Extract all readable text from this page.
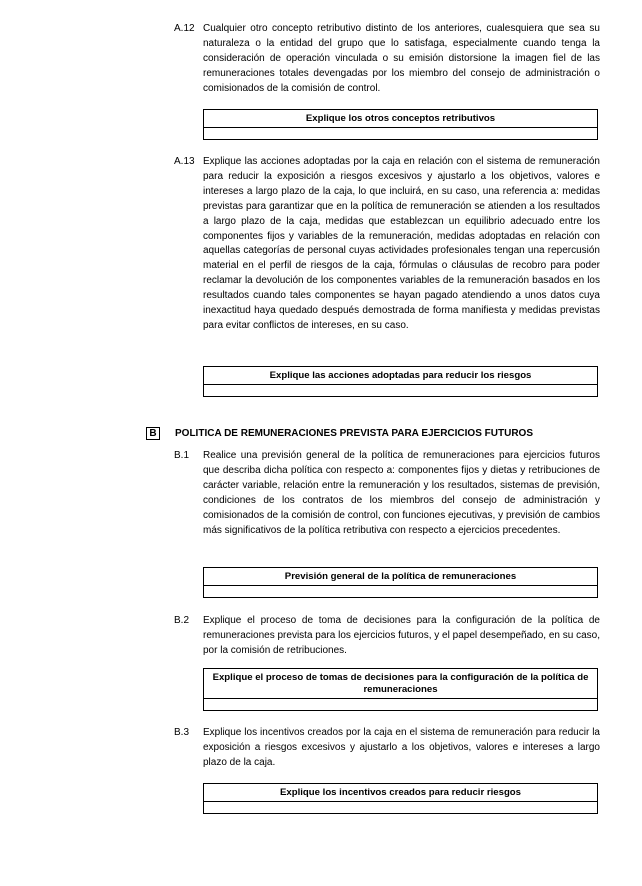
A.12 Cualquier otro concepto retributivo distinto de los anteriores, cualesquiera que sea su naturaleza o la entidad del grupo que lo satisfaga, especialmente cuando tenga la consideración de operación vinculada o su emisión distorsione la imagen fiel de las remuneraciones totales devengadas por los miembro del consejo de administración o comisionados de la comisión de control.
Explique los otros conceptos retributivos
A.13 Explique las acciones adoptadas por la caja en relación con el sistema de remuneración para reducir la exposición a riesgos excesivos y ajustarlo a los objetivos, valores e intereses a largo plazo de la caja, lo que incluirá, en su caso, una referencia a: medidas previstas para garantizar que en la política de remuneración se atienden a los resultados a largo plazo de la caja, medidas que establezcan un equilibrio adecuado entre los componentes fijos y variables de la remuneración, medidas adoptadas en relación con aquellas categorías de personal cuyas actividades profesionales tengan una repercusión material en el perfil de riesgos de la caja, fórmulas o cláusulas de recobro para poder reclamar la devolución de los componentes variables de la remuneración basados en los resultados cuando tales componentes se hayan pagado atendiendo a unos datos cuya inexactitud haya quedado después demostrada de forma manifiesta y medidas previstas para evitar conflictos de intereses, en su caso.
Explique las acciones adoptadas para reducir los riesgos
B	POLITICA DE REMUNERACIONES PREVISTA PARA EJERCICIOS FUTUROS
B.1 Realice una previsión general de la política de remuneraciones para ejercicios futuros que describa dicha política con respecto a: componentes fijos y dietas y retribuciones de carácter variable, relación entre la remuneración y los resultados, sistemas de previsión, condiciones de los contratos de los miembros del consejo de administración y comisionados de la comisión de control, con funciones ejecutivas, y previsión de cambios más significativos de la política retributiva con respecto a ejercicios precedentes.
Previsión general de la política de remuneraciones
B.2 Explique el proceso de toma de decisiones para la configuración de la política de remuneraciones prevista para los ejercicios futuros, y el papel desempeñado, en su caso, por la comisión de retribuciones.
Explique el proceso de tomas de decisiones para la configuración de la política de remuneraciones
B.3 Explique los incentivos creados por la caja en el sistema de remuneración para reducir la exposición a riesgos excesivos y ajustarlo a los objetivos, valores e intereses a largo plazo de la caja.
Explique los incentivos creados para reducir riesgos
